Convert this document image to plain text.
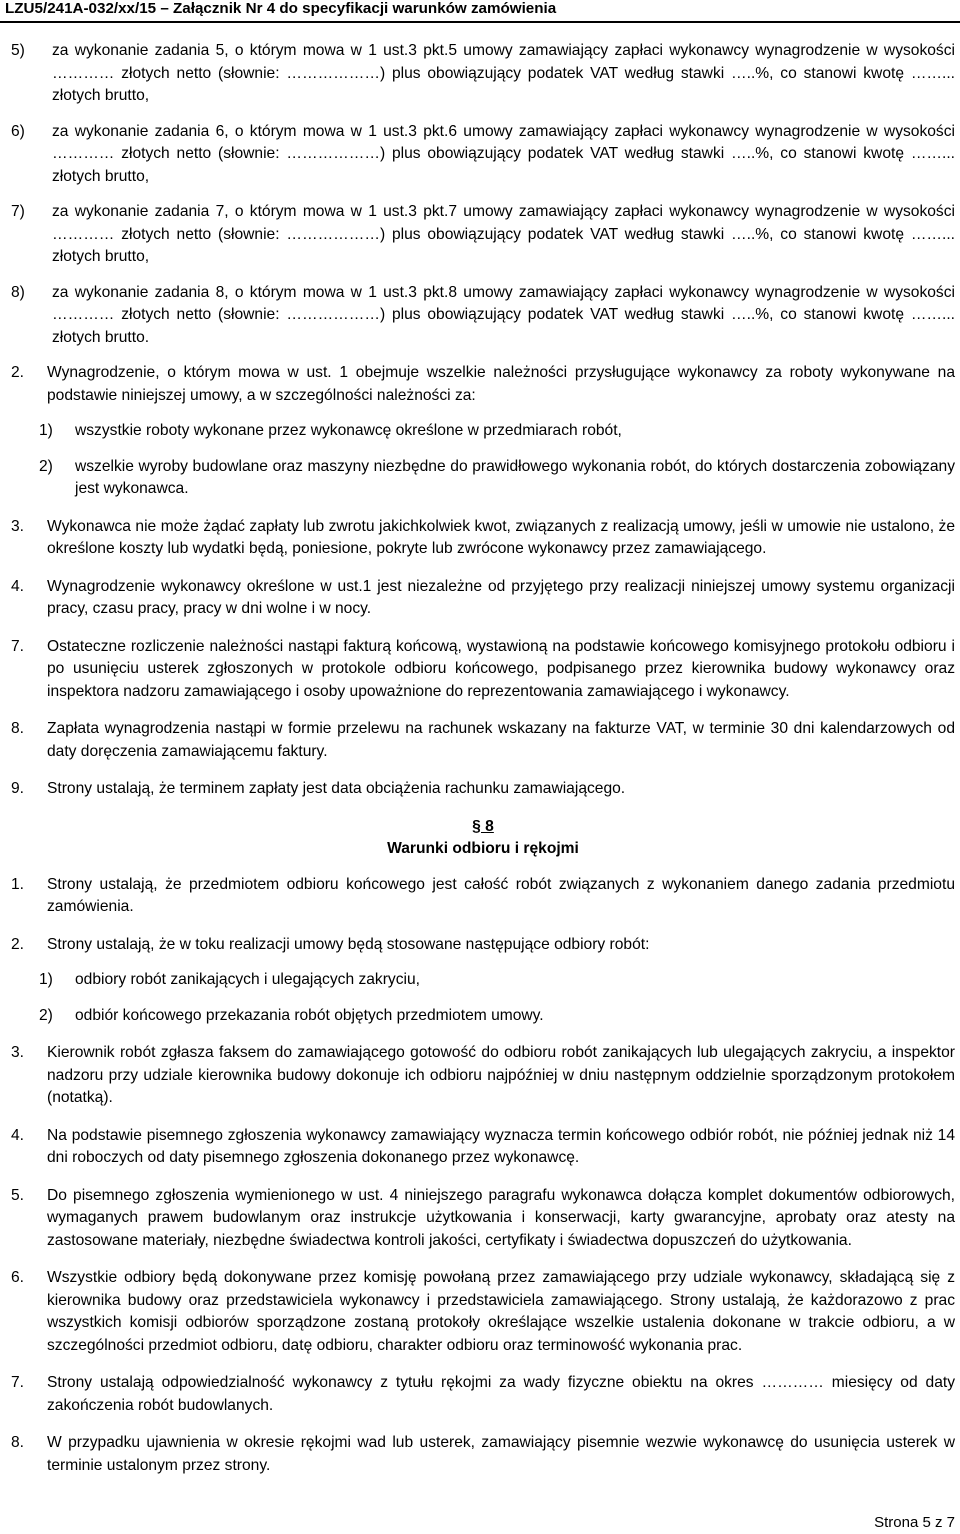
LZU5/241A-032/xx/15 – Załącznik Nr 4 do specyfikacji warunków zamówienia
5) za wykonanie zadania 5, o którym mowa w 1 ust.3 pkt.5 umowy zamawiający zapłaci wykonawcy wynagrodzenie w wysokości ………… złotych netto (słownie: ………………) plus obowiązujący podatek VAT według stawki …..%, co stanowi kwotę ……... złotych brutto,
6) za wykonanie zadania 6, o którym mowa w 1 ust.3 pkt.6 umowy zamawiający zapłaci wykonawcy wynagrodzenie w wysokości ………… złotych netto (słownie: ………………) plus obowiązujący podatek VAT według stawki …..%, co stanowi kwotę ……... złotych brutto,
7) za wykonanie zadania 7, o którym mowa w 1 ust.3 pkt.7 umowy zamawiający zapłaci wykonawcy wynagrodzenie w wysokości ………… złotych netto (słownie: ………………) plus obowiązujący podatek VAT według stawki …..%, co stanowi kwotę ……... złotych brutto,
8) za wykonanie zadania 8, o którym mowa w 1 ust.3 pkt.8 umowy zamawiający zapłaci wykonawcy wynagrodzenie w wysokości ………… złotych netto (słownie: ………………) plus obowiązujący podatek VAT według stawki …..%, co stanowi kwotę ……... złotych brutto.
2. Wynagrodzenie, o którym mowa w ust. 1 obejmuje wszelkie należności przysługujące wykonawcy za roboty wykonywane na podstawie niniejszej umowy, a w szczególności należności za:
1) wszystkie roboty wykonane przez wykonawcę określone w przedmiarach robót,
2) wszelkie wyroby budowlane oraz maszyny niezbędne do prawidłowego wykonania robót, do których dostarczenia zobowiązany jest wykonawca.
3. Wykonawca nie może żądać zapłaty lub zwrotu jakichkolwiek kwot, związanych z realizacją umowy, jeśli w umowie nie ustalono, że określone koszty lub wydatki będą, poniesione, pokryte lub zwrócone wykonawcy przez zamawiającego.
4. Wynagrodzenie wykonawcy określone w ust.1 jest niezależne od przyjętego przy realizacji niniejszej umowy systemu organizacji pracy, czasu pracy, pracy w dni wolne i w nocy.
7. Ostateczne rozliczenie należności nastąpi fakturą końcową, wystawioną na podstawie końcowego komisyjnego protokołu odbioru i po usunięciu usterek zgłoszonych w protokole odbioru końcowego, podpisanego przez kierownika budowy wykonawcy oraz inspektora nadzoru zamawiającego i osoby upoważnione do reprezentowania zamawiającego i wykonawcy.
8. Zapłata wynagrodzenia nastąpi w formie przelewu na rachunek wskazany na fakturze VAT, w terminie 30 dni kalendarzowych od daty doręczenia zamawiającemu faktury.
9. Strony ustalają, że terminem zapłaty jest data obciążenia rachunku zamawiającego.
§ 8
Warunki odbioru i rękojmi
1. Strony ustalają, że przedmiotem odbioru końcowego jest całość robót związanych z wykonaniem danego zadania przedmiotu zamówienia.
2. Strony ustalają, że w toku realizacji umowy będą stosowane następujące odbiory robót:
1) odbiory robót zanikających i ulegających zakryciu,
2) odbiór końcowego przekazania robót objętych przedmiotem umowy.
3. Kierownik robót zgłasza faksem do zamawiającego gotowość do odbioru robót zanikających lub ulegających zakryciu, a inspektor nadzoru przy udziale kierownika budowy dokonuje ich odbioru najpóźniej w dniu następnym oddzielnie sporządzonym protokołem (notatką).
4. Na podstawie pisemnego zgłoszenia wykonawcy zamawiający wyznacza termin końcowego odbiór robót, nie później jednak niż 14 dni roboczych od daty pisemnego zgłoszenia dokonanego przez wykonawcę.
5. Do pisemnego zgłoszenia wymienionego w ust. 4 niniejszego paragrafu wykonawca dołącza komplet dokumentów odbiorowych, wymaganych prawem budowlanym oraz instrukcje użytkowania i konserwacji, karty gwarancyjne, aprobaty oraz atesty na zastosowane materiały, niezbędne świadectwa kontroli jakości, certyfikaty i świadectwa dopuszczeń do użytkowania.
6. Wszystkie odbiory będą dokonywane przez komisję powołaną przez zamawiającego przy udziale wykonawcy, składającą się z kierownika budowy oraz przedstawiciela wykonawcy i przedstawiciela zamawiającego. Strony ustalają, że każdorazowo z prac wszystkich komisji odbiorów sporządzone zostaną protokoły określające wszelkie ustalenia dokonane w trakcie odbioru, a w szczególności przedmiot odbioru, datę odbioru, charakter odbioru oraz terminowość wykonania prac.
7. Strony ustalają odpowiedzialność wykonawcy z tytułu rękojmi za wady fizyczne obiektu na okres ………… miesięcy od daty zakończenia robót budowlanych.
8. W przypadku ujawnienia w okresie rękojmi wad lub usterek, zamawiający pisemnie wezwie wykonawcę do usunięcia usterek w terminie ustalonym przez strony.
Strona 5 z 7
